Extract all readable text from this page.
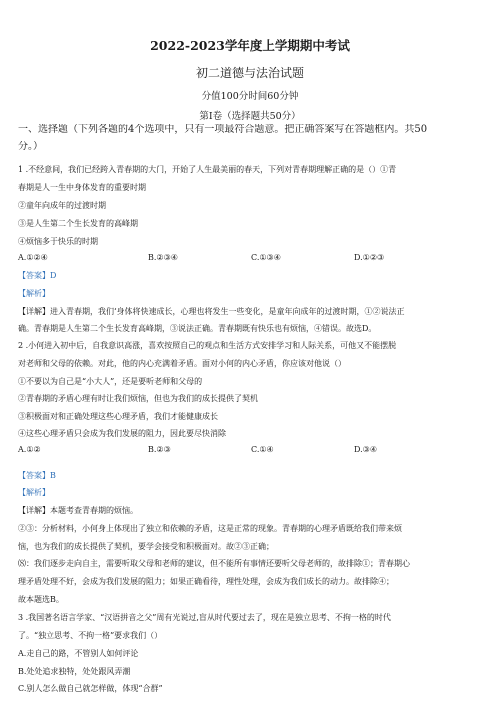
2022-2023学年度上学期期中考试
初二道德与法治试题
分值100分时间60分钟
第I卷（选择题共50分）
一、选择题（下列各题的4个选项中，只有一项最符合题意。把正确答案写在答题框内。共50
分。）
1 .不经意间，我们已经跨入青春期的大门，开始了人生最美丽的春天，下列对青春期理解正确的是（）①青
春期是人一生中身体发育的重要时期
②童年向成年的过渡时期
③是人生第二个生长发育的高峰期
④烦恼多于快乐的时期
A.①②④	B.②③④	C.①③④	D.①②③
【答案】D
【解析】
【详解】进入青春期，我们‘身体将快速成长，心理也将发生一些变化，是童年向成年的过渡时期，①②说法正
确。青春期是人生第二个生长发育高峰期，③说法正确。青春期既有快乐也有烦恼，④错误。故选D。
2 .小何进入初中后，自我意识高涨，喜欢按照自己的观点和生活方式安排学习和人际关系，可他又不能摆脱
对老师和父母的依赖。对此，他的内心充满着矛盾。面对小何的内心矛盾，你应该对他说（）
①不要以为自己是“小大人”，还是要听老师和父母的
②青春期的矛盾心理有时让我们烦恼，但也为我们的成长提供了契机
③积极面对和正确处理这些心理矛盾，我们才能健康成长
④这些心理矛盾只会成为我们发展的阻力，因此要尽快消除
A.①②	B.②③	C.①④	D.③④
【答案】B
【解析】
【详解】本题考查青春期的烦恼。
②③：分析材料，小何身上体现出了独立和依赖的矛盾，这是正常的现象。青春期的心理矛盾既给我们带来烦
恼，也为我们的成长提供了契机，要学会接受和积极面对。故②③正确；
⑻：我们逐步走向自主，需要听取父母和老师的建议，但不能所有事情还要听父母老师的，故排除①；青春期心
理矛盾处理不好，会成为我们发展的阻力；如果正确看待，理性处理，会成为我们成长的动力。故排除④；
故本题选B。
3 .我国著名语言学家、“汉语拼音之父”周有光说过,盲从时代要过去了，现在是独立思考、不拘一格的时代
了。“独立思考、不拘一格”要求我们（）
A.走自己的路，不管别人如何评论
B.处处追求独特，处处跟风弄潮
C.别人怎么做自己就怎样做，体现“合群”
